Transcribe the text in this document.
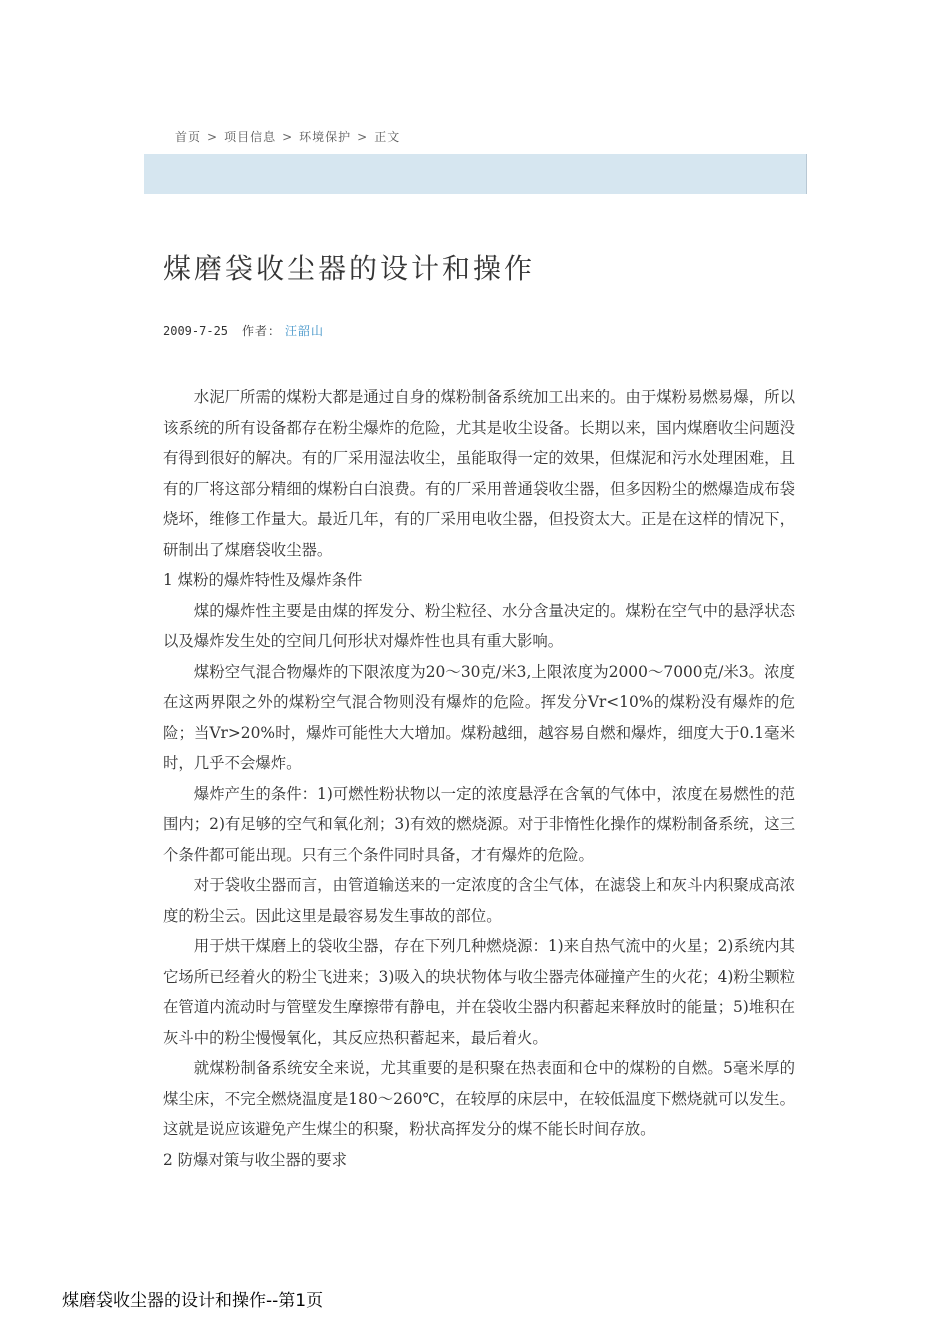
首页 > 项目信息 > 环境保护 > 正文
煤磨袋收尘器的设计和操作
2009-7-25 作者： 汪韶山

水泥厂所需的煤粉大都是通过自身的煤粉制备系统加工出来的。由于煤粉易燃易爆，所以该系统的所有设备都存在粉尘爆炸的危险，尤其是收尘设备。长期以来，国内煤磨收尘问题没有得到很好的解决。有的厂采用湿法收尘，虽能取得一定的效果，但煤泥和污水处理困难，且有的厂将这部分精细的煤粉白白浪费。有的厂采用普通袋收尘器，但多因粉尘的燃爆造成布袋烧坏，维修工作量大。最近几年，有的厂采用电收尘器，但投资太大。正是在这样的情况下，研制出了煤磨袋收尘器。

1 煤粉的爆炸特性及爆炸条件

煤的爆炸性主要是由煤的挥发分、粉尘粒径、水分含量决定的。煤粉在空气中的悬浮状态以及爆炸发生处的空间几何形状对爆炸性也具有重大影响。

煤粉空气混合物爆炸的下限浓度为20～30克/米3,上限浓度为2000～7000克/米3。浓度在这两界限之外的煤粉空气混合物则没有爆炸的危险。挥发分Vr<10%的煤粉没有爆炸的危险；当Vr>20%时，爆炸可能性大大增加。煤粉越细，越容易自燃和爆炸，细度大于0.1毫米时，几乎不会爆炸。

爆炸产生的条件：1)可燃性粉状物以一定的浓度悬浮在含氧的气体中，浓度在易燃性的范围内；2)有足够的空气和氧化剂；3)有效的燃烧源。对于非惰性化操作的煤粉制备系统，这三个条件都可能出现。只有三个条件同时具备，才有爆炸的危险。

对于袋收尘器而言，由管道输送来的一定浓度的含尘气体，在滤袋上和灰斗内积聚成高浓度的粉尘云。因此这里是最容易发生事故的部位。

用于烘干煤磨上的袋收尘器，存在下列几种燃烧源：1)来自热气流中的火星；2)系统内其它场所已经着火的粉尘飞进来；3)吸入的块状物体与收尘器壳体碰撞产生的火花；4)粉尘颗粒在管道内流动时与管壁发生摩擦带有静电，并在袋收尘器内积蓄起来释放时的能量；5)堆积在灰斗中的粉尘慢慢氧化，其反应热积蓄起来，最后着火。

就煤粉制备系统安全来说，尤其重要的是积聚在热表面和仓中的煤粉的自燃。5毫米厚的煤尘床，不完全燃烧温度是180～260℃，在较厚的床层中，在较低温度下燃烧就可以发生。这就是说应该避免产生煤尘的积聚，粉状高挥发分的煤不能长时间存放。

2 防爆对策与收尘器的要求

煤磨袋收尘器的设计和操作--第1页
